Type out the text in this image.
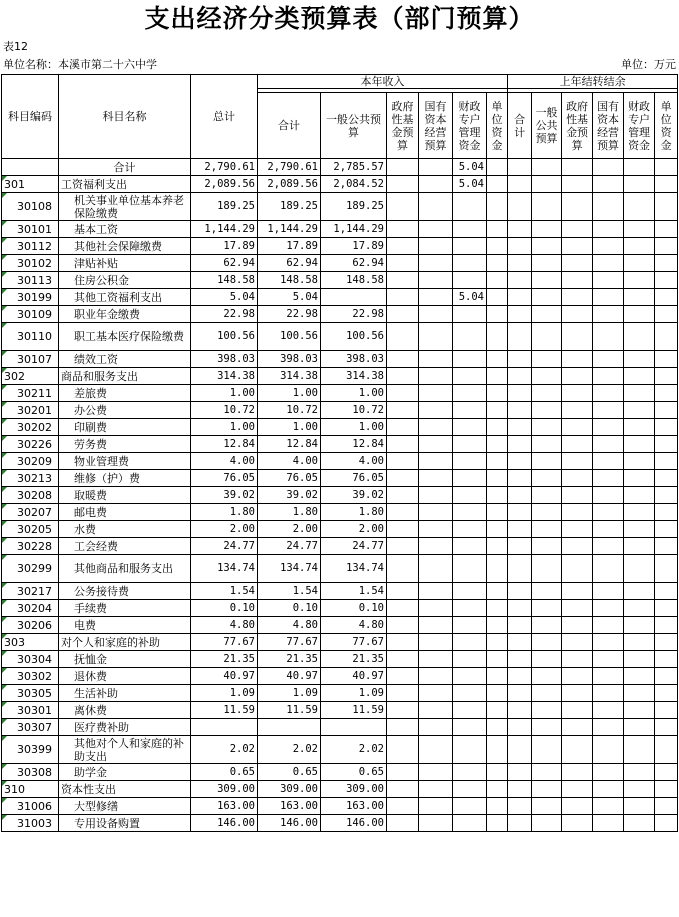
支出经济分类预算表（部门预算）
表12
单位名称：本溪市第二十六中学	单位：万元
科目编码	科目名称	总计	本年收入						上年结转结余					

			合计	一般公共预算	政府性基金预算	国有资本经营预算	财政专户管理资金	单位资金	合计	一般公共预算	政府性基金预算	国有资本经营预算	财政专户管理资金	单位资金
	合计	2,790.61	2,790.61	2,785.57			5.04							

301	工资福利支出	2,089.56	2,089.56	2,084.52			5.04							

30108	机关事业单位基本养老保险缴费	189.25	189.25	189.25										

30101	基本工资	1,144.29	1,144.29	1,144.29										

30112	其他社会保障缴费	17.89	17.89	17.89										

30102	津贴补贴	62.94	62.94	62.94										

30113	住房公积金	148.58	148.58	148.58										

30199	其他工资福利支出	5.04	5.04				5.04							

30109	职业年金缴费	22.98	22.98	22.98										

30110	职工基本医疗保险缴费	100.56	100.56	100.56										

30107	绩效工资	398.03	398.03	398.03										

302	商品和服务支出	314.38	314.38	314.38										

30211	差旅费	1.00	1.00	1.00										

30201	办公费	10.72	10.72	10.72										

30202	印刷费	1.00	1.00	1.00										

30226	劳务费	12.84	12.84	12.84										

30209	物业管理费	4.00	4.00	4.00										

30213	维修（护）费	76.05	76.05	76.05										

30208	取暖费	39.02	39.02	39.02										

30207	邮电费	1.80	1.80	1.80										

30205	水费	2.00	2.00	2.00										

30228	工会经费	24.77	24.77	24.77										

30299	其他商品和服务支出	134.74	134.74	134.74										

30217	公务接待费	1.54	1.54	1.54										

30204	手续费	0.10	0.10	0.10										

30206	电费	4.80	4.80	4.80										

303	对个人和家庭的补助	77.67	77.67	77.67										

30304	抚恤金	21.35	21.35	21.35										

30302	退休费	40.97	40.97	40.97										

30305	生活补助	1.09	1.09	1.09										

30301	离休费	11.59	11.59	11.59										

30307	医疗费补助													

30399	其他对个人和家庭的补助支出	2.02	2.02	2.02										

30308	助学金	0.65	0.65	0.65										

310	资本性支出	309.00	309.00	309.00										

31006	大型修缮	163.00	163.00	163.00										

31003	专用设备购置	146.00	146.00	146.00										
